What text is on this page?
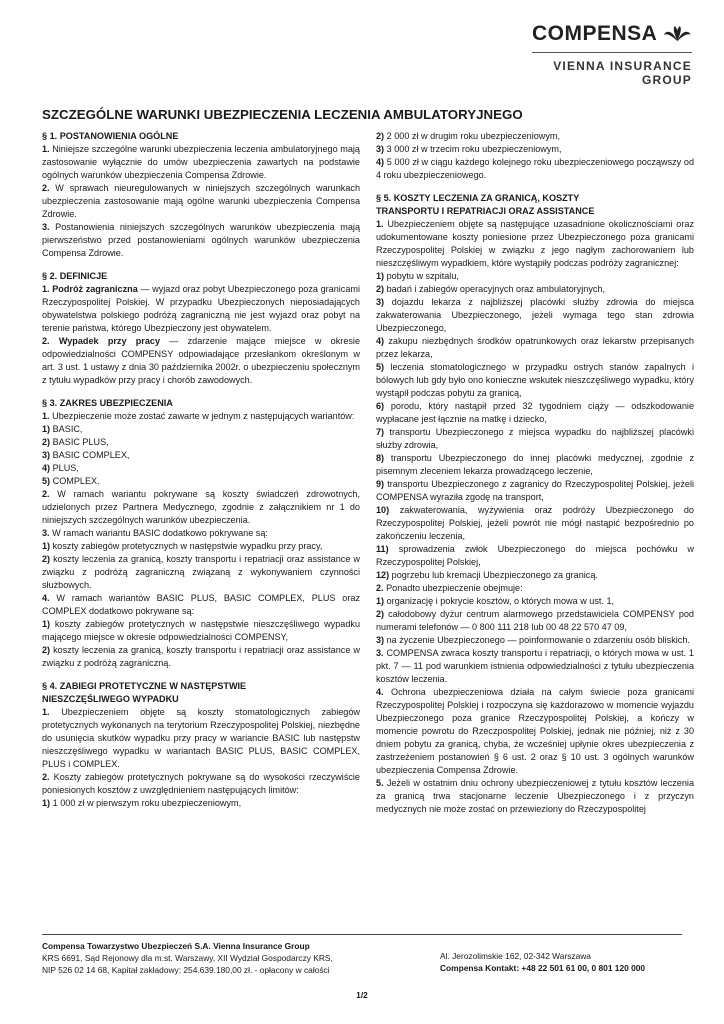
COMPENSA
VIENNA INSURANCE GROUP
SZCZEGÓLNE WARUNKI UBEZPIECZENIA LECZENIA AMBULATORYJNEGO
§ 1. POSTANOWIENIA OGÓLNE

1. Niniejsze szczególne warunki ubezpieczenia leczenia ambulatoryjnego mają zastosowanie wyłącznie do umów ubezpieczenia zawartych na podstawie ogólnych warunków ubezpieczenia Compensa Zdrowie.

2. W sprawach nieuregulowanych w niniejszych szczególnych warunkach ubezpieczenia zastosowanie mają ogólne warunki ubezpieczenia Compensa Zdrowie.

3. Postanowienia niniejszych szczególnych warunków ubezpieczenia mają pierwszeństwo przed postanowieniami ogólnych warunków ubezpieczenia Compensa Zdrowie.

§ 2. DEFINICJE

1. Podróż zagraniczna — wyjazd oraz pobyt Ubezpieczonego poza granicami Rzeczypospolitej Polskiej. W przypadku Ubezpieczonych nieposiadających obywatelstwa polskiego podróżą zagraniczną nie jest wyjazd oraz pobyt na terenie państwa, którego Ubezpieczony jest obywatelem.

2. Wypadek przy pracy — zdarzenie mające miejsce w okresie odpowiedzialności COMPENSY odpowiadające przesłankom określonym w art. 3 ust. 1 ustawy z dnia 30 października 2002r. o ubezpieczeniu społecznym z tytułu wypadków przy pracy i chorób zawodowych.

§ 3. ZAKRES UBEZPIECZENIA

1. Ubezpieczenie może zostać zawarte w jednym z następujących wariantów:

1) BASIC,

2) BASIC PLUS,

3) BASIC COMPLEX,

4) PLUS,

5) COMPLEX.

2. W ramach wariantu pokrywane są koszty świadczeń zdrowotnych, udzielonych przez Partnera Medycznego, zgodnie z załącznikiem nr 1 do niniejszych szczególnych warunków ubezpieczenia.

3. W ramach wariantu BASIC dodatkowo pokrywane są:

1) koszty zabiegów protetycznych w następstwie wypadku przy pracy,

2) koszty leczenia za granicą, koszty transportu i repatriacji oraz assistance w związku z podróżą zagraniczną związaną z wykonywaniem czynności służbowych.

4. W ramach wariantów BASIC PLUS, BASIC COMPLEX, PLUS oraz COMPLEX dodatkowo pokrywane są:

1) koszty zabiegów protetycznych w następstwie nieszczęśliwego wypadku mającego miejsce w okresie odpowiedzialności COMPENSY,

2) koszty leczenia za granicą, koszty transportu i repatriacji oraz assistance w związku z podróżą zagraniczną.

§ 4. ZABIEGI PROTETYCZNE W NASTĘPSTWIE
NIESZCZĘŚLIWEGO WYPADKU

1. Ubezpieczeniem objęte są koszty stomatologicznych zabiegów protetycznych wykonanych na terytorium Rzeczypospolitej Polskiej, niezbędne do usunięcia skutków wypadku przy pracy w wariancie BASIC lub następstw nieszczęśliwego wypadku w wariantach BASIC PLUS, BASIC COMPLEX, PLUS i COMPLEX.

2. Koszty zabiegów protetycznych pokrywane są do wysokości rzeczywiście poniesionych kosztów z uwzględnieniem następujących limitów:

1) 1 000 zł w pierwszym roku ubezpieczeniowym,

2) 2 000 zł w drugim roku ubezpieczeniowym,

3) 3 000 zł w trzecim roku ubezpieczeniowym,

4) 5 000 zł w ciągu każdego kolejnego roku ubezpieczeniowego począwszy od 4 roku ubezpieczeniowego.

§ 5. KOSZTY LECZENIA ZA GRANICĄ, KOSZTY
TRANSPORTU I REPATRIACJI ORAZ ASSISTANCE

1. Ubezpieczeniem objęte są następujące uzasadnione okolicznościami oraz udokumentowane koszty poniesione przez Ubezpieczonego poza granicami Rzeczypospolitej Polskiej w związku z jego nagłym zachorowaniem lub nieszczęśliwym wypadkiem, które wystąpiły podczas podróży zagranicznej:

1) pobytu w szpitalu,

2) badań i zabiegów operacyjnych oraz ambulatoryjnych,

3) dojazdu lekarza z najbliższej placówki służby zdrowia do miejsca zakwaterowania Ubezpieczonego, jeżeli wymaga tego stan zdrowia Ubezpieczonego,

4) zakupu niezbędnych środków opatrunkowych oraz lekarstw przepisanych przez lekarza,

5) leczenia stomatologicznego w przypadku ostrych stanów zapalnych i bólowych lub gdy było ono konieczne wskutek nieszczęśliwego wypadku, który wystąpił podczas pobytu za granicą,

6) porodu, który nastąpił przed 32 tygodniem ciąży — odszkodowanie wypłacane jest łącznie na matkę i dziecko,

7) transportu Ubezpieczonego z miejsca wypadku do najbliższej placówki służby zdrowia,

8) transportu Ubezpieczonego do innej placówki medycznej, zgodnie z pisemnym zleceniem lekarza prowadzącego leczenie,

9) transportu Ubezpieczonego z zagranicy do Rzeczypospolitej Polskiej, jeżeli COMPENSA wyraziła zgodę na transport,

10) zakwaterowania, wyżywienia oraz podróży Ubezpieczonego do Rzeczypospolitej Polskiej, jeżeli powrót nie mógł nastąpić bezpośrednio po zakończeniu leczenia,

11) sprowadzenia zwłok Ubezpieczonego do miejsca pochówku w Rzeczypospolitej Polskiej,

12) pogrzebu lub kremacji Ubezpieczonego za granicą.

2. Ponadto ubezpieczenie obejmuje:

1) organizację i pokrycie kosztów, o których mowa w ust. 1,

2) całodobowy dyżur centrum alarmowego przedstawiciela COMPENSY pod numerami telefonów — 0 800 111 218 lub 00 48 22 570 47 09,

3) na życzenie Ubezpieczonego — poinformowanie o zdarzeniu osób bliskich.

3. COMPENSA zwraca koszty transportu i repatriacji, o których mowa w ust. 1 pkt. 7 — 11 pod warunkiem istnienia odpowiedzialności z tytułu ubezpieczenia kosztów leczenia.

4. Ochrona ubezpieczeniowa działa na całym świecie poza granicami Rzeczypospolitej Polskiej i rozpoczyna się każdorazowo w momencie wyjazdu Ubezpieczonego poza granice Rzeczypospolitej Polskiej, a kończy w momencie powrotu do Rzeczpospolitej Polskiej, jednak nie później, niż z 30 dniem pobytu za granicą, chyba, że wcześniej upłynie okres ubezpieczenia z zastrzeżeniem postanowień § 6 ust. 2 oraz § 10 ust. 3 ogólnych warunków ubezpieczenia Compensa Zdrowie.

5. Jeżeli w ostatnim dniu ochrony ubezpieczeniowej z tytułu kosztów leczenia za granicą trwa stacjonarne leczenie Ubezpieczonego i z przyczyn medycznych nie może zostać on przewieziony do Rzeczypospolitej

Compensa Towarzystwo Ubezpieczeń S.A. Vienna Insurance Group
KRS 6691, Sąd Rejonowy dla m.st. Warszawy, XII Wydział Gospodarczy KRS,
NIP 526 02 14 68, Kapitał zakładowy: 254.639.180,00 zł. - opłacony w całości
Al. Jerozolimskie 162, 02-342 Warszawa
Compensa Kontakt: +48 22 501 61 00, 0 801 120 000
1/2
